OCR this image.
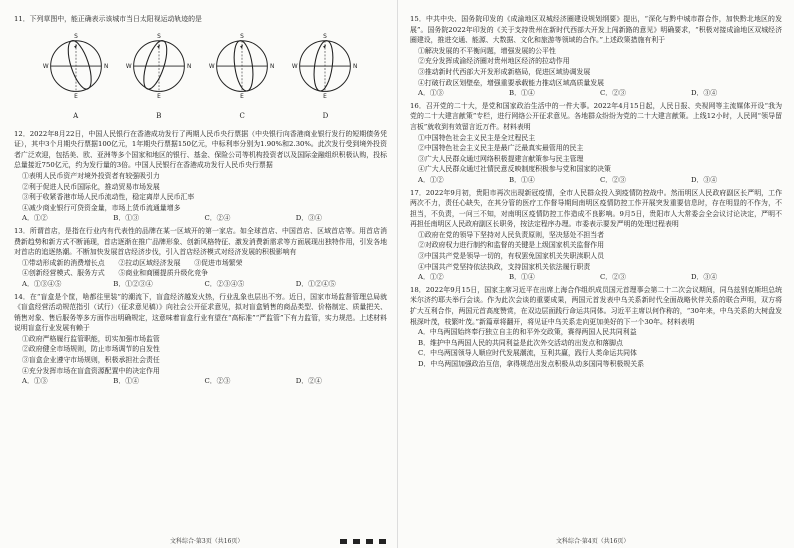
11．下列草图中，能正确表示该城市当日太阳视运动轨迹的是

W	N
S
E
A
W	N
S
E
B
W	N
S
E
C
W	N
S
E
D

12．2022年8月22日，中国人民银行在香港成功发行了两期人民币央行票据（中央银行向香港商业银行发行的短期债务凭证），其中3个月期央行票据100亿元，1年期央行票据150亿元，中标利率分别为1.90%和2.30%。此次发行受到境外投资者广泛欢迎，包括美、欧、亚洲等多个国家和地区的银行、基金、保险公司等机构投资者以及国际金融组织积极认购，投标总量接近750亿元，约为发行量的3倍。中国人民银行在香港成功发行人民币央行票据

①表明人民币资产对境外投资者有较强吸引力

②利于促进人民币国际化，推动贸易市场发展

③利于收紧香港市场人民币流动性，稳定离岸人民币汇率

④减少商业银行可贷资金量，市场上货币流通量增多

A．①②	B．①③	C．②④	D．③④

13．所谓首店，是指在行业内有代表性的品牌在某一区域开的第一家店。如全球首店、中国首店、区域首店等。用首店消费新趋势和新方式不断涌现，首店逐渐在推广品牌形象、创新风格特征、激发消费新需求等方面展现出独特作用，引发各地对首店的追逐热潮。不断加快发展首店经济步伐，引入首店经济模式对经济发展的积极影响有

①带动形成新的消费增长点　　②拉动区域经济发展　　③促进市场繁荣

④创新经营模式、服务方式　　⑤商业和商圈提质升级化竞争

A．①③④⑤	B．①②③④	C．②③④⑤	D．①②④⑤

14．在“盲盒是个筐，啥都往里装”的潮流下，盲盒经济越发火热，行业乱象也层出不穷。近日，国家市场监督管理总局就《盲盒经营活动规范指引（试行）（征求意见稿）》向社会公开征求意见，拟对盲盒销售的商品类型、价格制定、质量把关、销售对象、售后服务等多方面作出明确规定，这意味着盲盒行业有望在“高标准”“严监管”下有力监管，实力规范。上述材料说明盲盒行业发展有赖于

①政府严格履行监管职能，切实加强市场监管

②政府健全市场规则，防止市场调节的自发性

③盲盒企业遵守市场规则，积极承担社会责任

④充分发挥市场在盲盒资源配置中的决定作用

A．①③	B．①④	C．②③	D．②④
文科综合·第3页（共16页）

15．中共中央、国务院印发的《成渝地区双城经济圈建设规划纲要》提出，“深化与黔中城市群合作，加快黔北地区的发展”。国务院2022年印发的《关于支持贵州在新时代西部大开发上闯新路的意见》明确要求，“积极对接成渝地区双城经济圈建设，推进交通、能源、大数据、文化和旅游等领域的合作。”上述政策措施有利于

①解决发展的不平衡问题，增强发展的公平性

②充分发挥成渝经济圈对贵州地区经济的拉动作用

③推动新时代西部大开发形成新格局，促进区域协调发展

④打破行政区划壁垒，增强重要承载能力推动区域高质量发展

A．①③	B．①④	C．②③	D．③④

16．召开党的二十大，是党和国家政治生活中的一件大事。2022年4月15日起，人民日报、央视网等主流媒体开设“我为党的二十大建言献策”专栏，进行网络公开征求意见。各地群众纷纷为党的二十大建言献策。上线12小时，人民网“领导留言板”就收到有效留言近万件。材料表明

①中国特色社会主义民主是全过程民主

②中国特色社会主义民主是最广泛最真实最管用的民主

③广大人民群众通过网络积极提建言献策参与民主管理

④广大人民群众通过社情民意反映制度积极参与党和国家的决策

A．①②	B．①④	C．②③	D．③④

17．2022年9月初，贵阳市再次出现新冠疫情，全市人民群众投入到疫情防控战中。然而明区人民政府副区长严明，工作两次不力，责任心缺失，在其分管的医疗工作督导期间南明区疫情防控工作开展突发重要信息时，存在明显的不作为，不担当，不负责，一问三不知，对南明区疫情防控工作造成不良影响。9月5日，贵阳市人大常委会全会议讨论决定，严明不再担任南明区人民政府副区长职务，按法定程序办理。市委表示要发严明的处理过程表明

①政府在党的领导下坚持对人民负责原则，坚决惩处不担当者

②对政府权力进行制约和监督的关键是上级国家机关监督作用

③中国共产党是领导一切的，有权罢免国家机关失职渎职人员

④中国共产党坚持依法执政，支持国家机关依法履行职责

A．①②	B．①④	C．②③	D．③④

18．2022年9月15日，国家主席习近平在出席上海合作组织成员国元首理事会第二十二次会议期间，同乌兹别克斯坦总统米尔济约耶夫举行会谈。作为此次会谈的重要成果，两国元首发表中乌关系新时代全面战略伙伴关系的联合声明，双方将扩大互利合作，两国元首高度赞赏，在双边层面践行命运共同体。习近平主席以何作称的，“30年来，中乌关系的大树盘发根深叶茂，枝繁叶茂。”新篇章将翻开，将见证中乌关系走向更加美好的下一个30年。材料表明

A．中乌两国始终奉行独立自主的和平外交政策，赛得两国人民共同利益

B．维护中乌两国人民的共同利益是此次外交活动的出发点和落脚点

C．中乌两国领导人顺应时代发展潮流，互利共赢，践行人类命运共同体

D．中乌两国加强政治互信，拿得规范出发点积极从动多国同等积极规关系

文科综合·第4页（共16页）
